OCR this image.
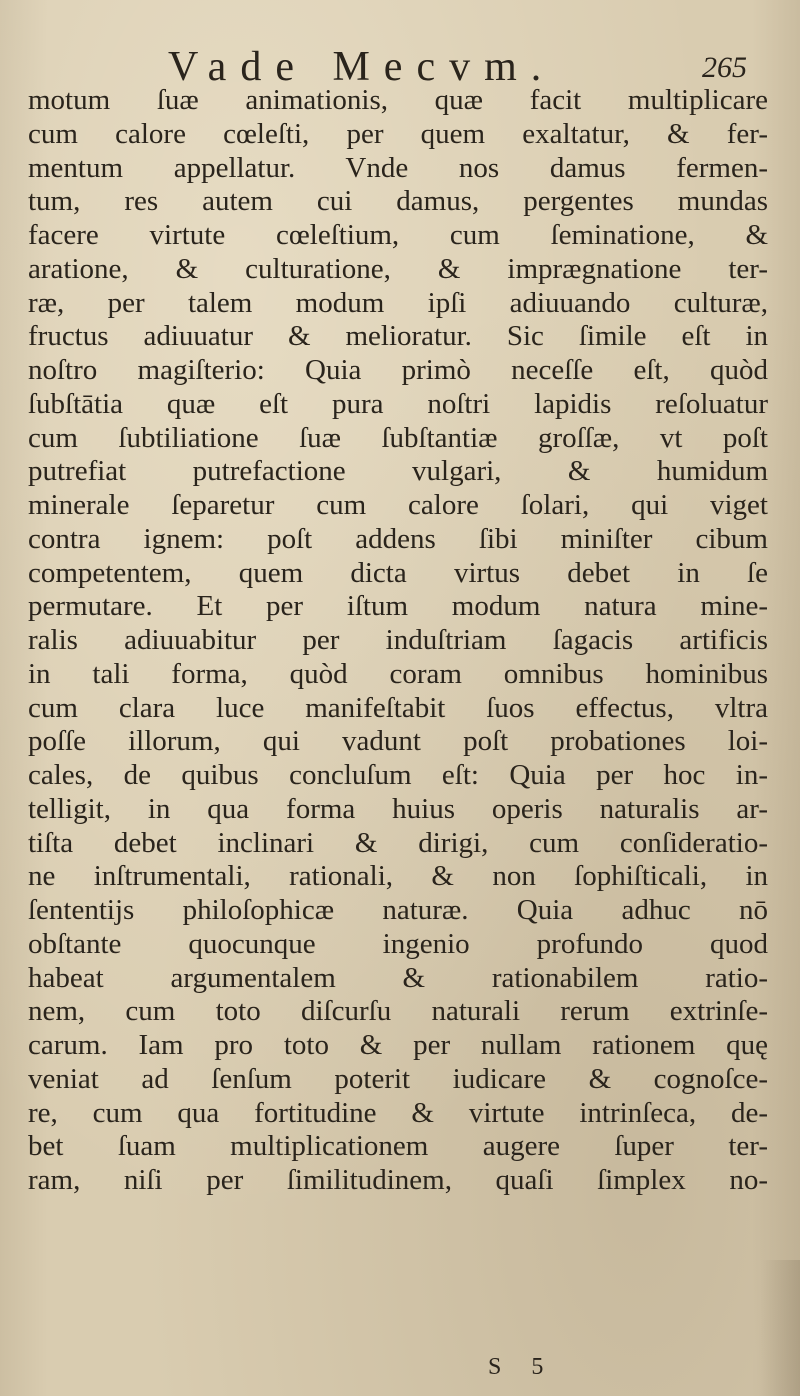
Vade Mecvm.	265
motum ſuæ animationis, quæ facit multiplicare
cum calore cœleſti, per quem exaltatur, & fer-
mentum appellatur. Vnde nos damus fermen-
tum, res autem cui damus, pergentes mundas
facere virtute cœleſtium, cum ſeminatione, &
aratione, & culturatione, & imprægnatione ter-
ræ, per talem modum ipſi adiuuando culturæ,
fructus adiuuatur & melioratur. Sic ſimile eſt in
noſtro magiſterio: Quia primò neceſſe eſt, quòd
ſubſtātia quæ eſt pura noſtri lapidis reſoluatur
cum ſubtiliatione ſuæ ſubſtantiæ groſſæ, vt poſt
putrefiat putrefactione vulgari, & humidum
minerale ſeparetur cum calore ſolari, qui viget
contra ignem: poſt addens ſibi miniſter cibum
competentem, quem dicta virtus debet in ſe
permutare. Et per iſtum modum natura mine-
ralis adiuuabitur per induſtriam ſagacis artificis
in tali forma, quòd coram omnibus hominibus
cum clara luce manifeſtabit ſuos effectus, vltra
poſſe illorum, qui vadunt poſt probationes loi-
cales, de quibus concluſum eſt: Quia per hoc in-
telligit, in qua forma huius operis naturalis ar-
tiſta debet inclinari & dirigi, cum conſideratio-
ne inſtrumentali, rationali, & non ſophiſticali, in
ſententijs philoſophicæ naturæ. Quia adhuc nō
obſtante quocunque ingenio profundo quod
habeat argumentalem & rationabilem ratio-
nem, cum toto diſcurſu naturali rerum extrinſe-
carum. Iam pro toto & per nullam rationem quę
veniat ad ſenſum poterit iudicare & cognoſce-
re, cum qua fortitudine & virtute intrinſeca, de-
bet ſuam multiplicationem augere ſuper ter-
ram, niſi per ſimilitudinem, quaſi ſimplex no-
S 5
